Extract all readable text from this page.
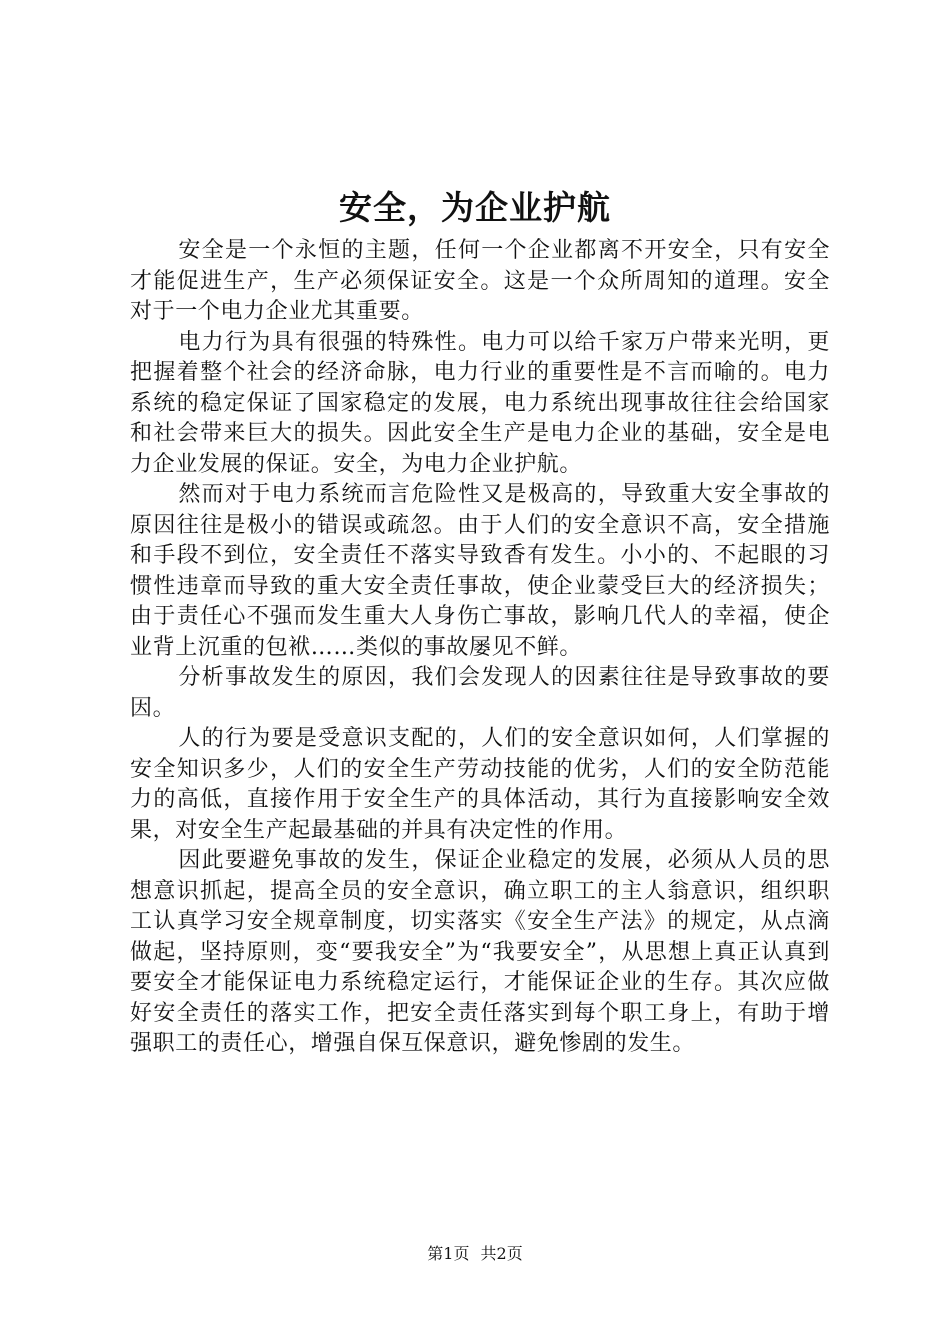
安全，为企业护航

安全是一个永恒的主题，任何一个企业都离不开安全，只有安全才能促进生产，生产必须保证安全。这是一个众所周知的道理。安全对于一个电力企业尤其重要。

电力行为具有很强的特殊性。电力可以给千家万户带来光明，更把握着整个社会的经济命脉，电力行业的重要性是不言而喻的。电力系统的稳定保证了国家稳定的发展，电力系统出现事故往往会给国家和社会带来巨大的损失。因此安全生产是电力企业的基础，安全是电力企业发展的保证。安全，为电力企业护航。

然而对于电力系统而言危险性又是极高的，导致重大安全事故的原因往往是极小的错误或疏忽。由于人们的安全意识不高，安全措施和手段不到位，安全责任不落实导致香有发生。小小的、不起眼的习惯性违章而导致的重大安全责任事故，使企业蒙受巨大的经济损失；由于责任心不强而发生重大人身伤亡事故，影响几代人的幸福，使企业背上沉重的包袱……类似的事故屡见不鲜。

分析事故发生的原因，我们会发现人的因素往往是导致事故的要因。

人的行为要是受意识支配的，人们的安全意识如何，人们掌握的安全知识多少，人们的安全生产劳动技能的优劣，人们的安全防范能力的高低，直接作用于安全生产的具体活动，其行为直接影响安全效果，对安全生产起最基础的并具有决定性的作用。

因此要避免事故的发生，保证企业稳定的发展，必须从人员的思想意识抓起，提高全员的安全意识，确立职工的主人翁意识，组织职工认真学习安全规章制度，切实落实《安全生产法》的规定，从点滴做起，坚持原则，变“要我安全”为“我要安全”，从思想上真正认真到要安全才能保证电力系统稳定运行，才能保证企业的生存。其次应做好安全责任的落实工作，把安全责任落实到每个职工身上，有助于增强职工的责任心，增强自保互保意识，避免惨剧的发生。

第1页 共2页
